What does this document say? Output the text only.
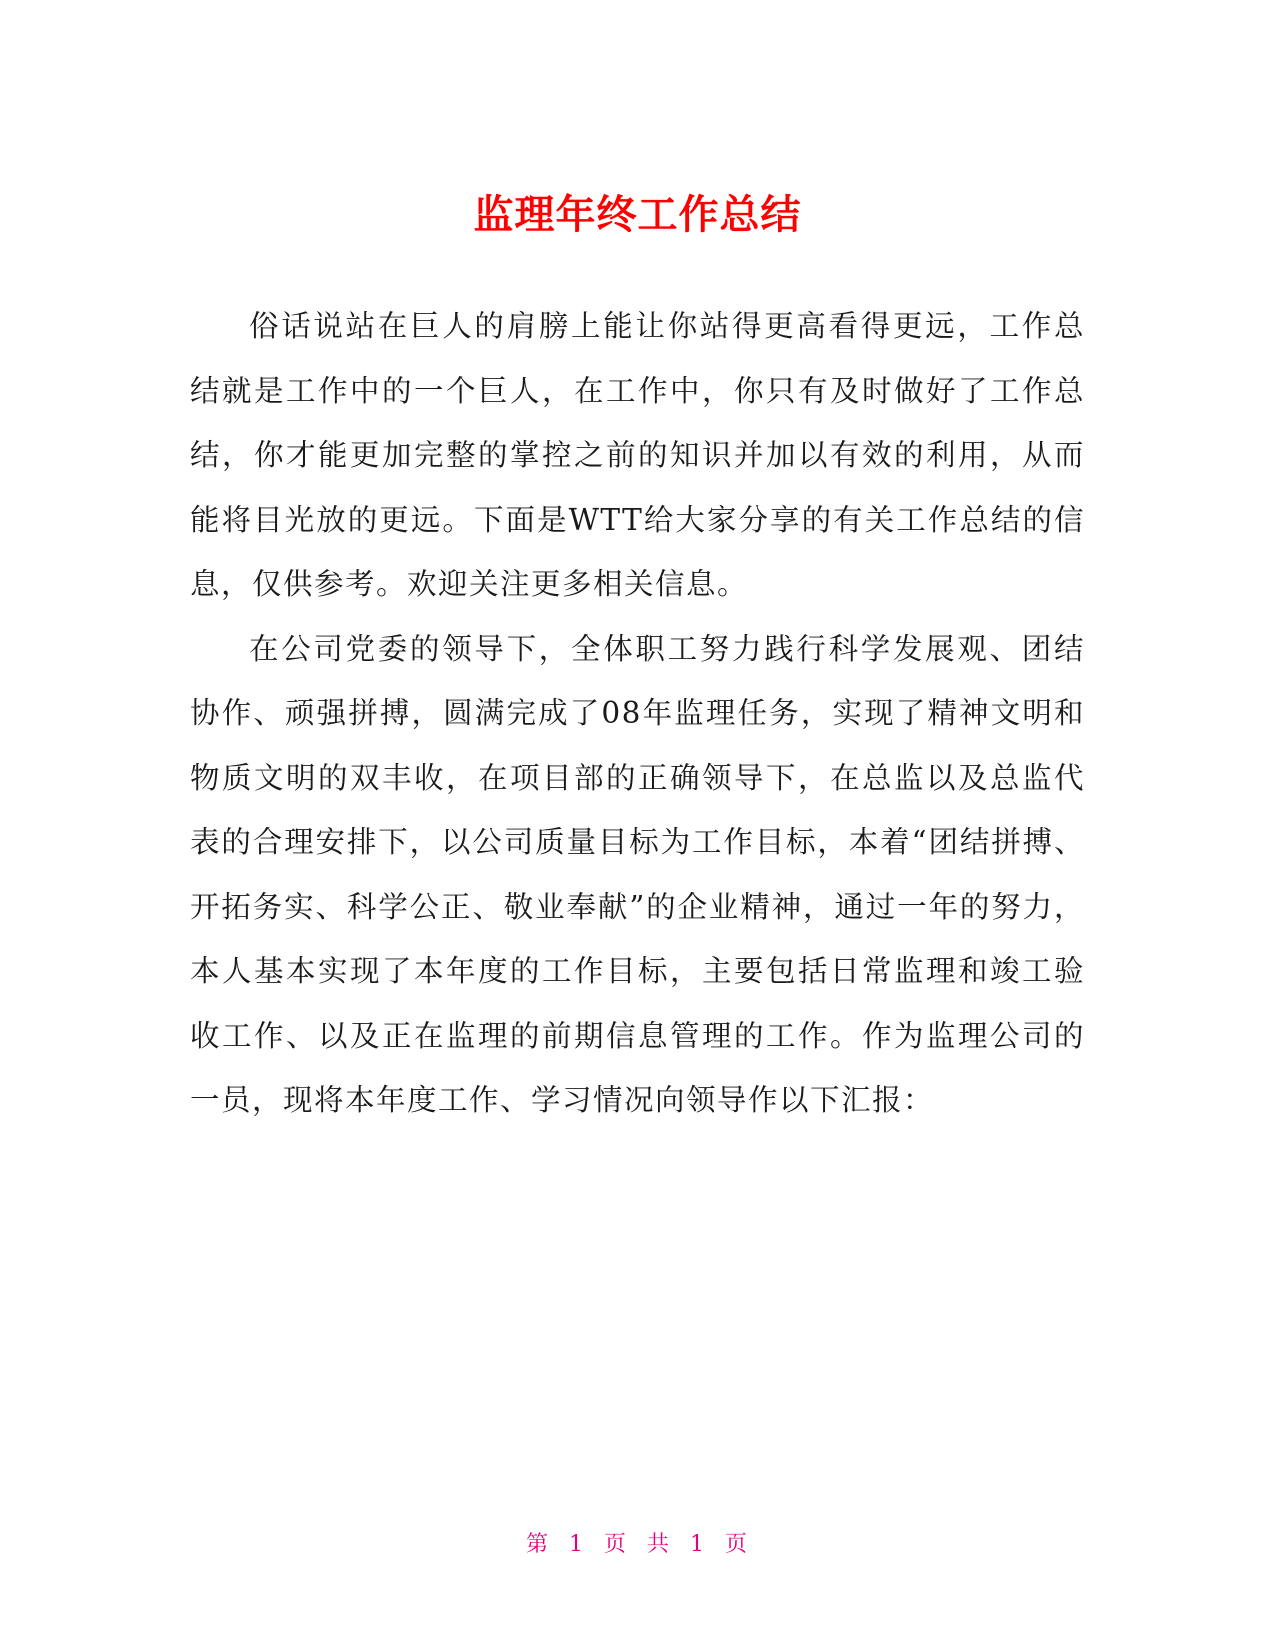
监理年终工作总结

俗话说站在巨人的肩膀上能让你站得更高看得更远，工作总结就是工作中的一个巨人，在工作中，你只有及时做好了工作总结，你才能更加完整的掌控之前的知识并加以有效的利用，从而能将目光放的更远。下面是WTT给大家分享的有关工作总结的信息，仅供参考。欢迎关注更多相关信息。

在公司党委的领导下，全体职工努力践行科学发展观、团结协作、顽强拼搏，圆满完成了08年监理任务，实现了精神文明和物质文明的双丰收，在项目部的正确领导下，在总监以及总监代表的合理安排下，以公司质量目标为工作目标，本着“团结拼搏、开拓务实、科学公正、敬业奉献”的企业精神，通过一年的努力，本人基本实现了本年度的工作目标，主要包括日常监理和竣工验收工作、以及正在监理的前期信息管理的工作。作为监理公司的一员，现将本年度工作、学习情况向领导作以下汇报：

第 1 页 共 1 页
